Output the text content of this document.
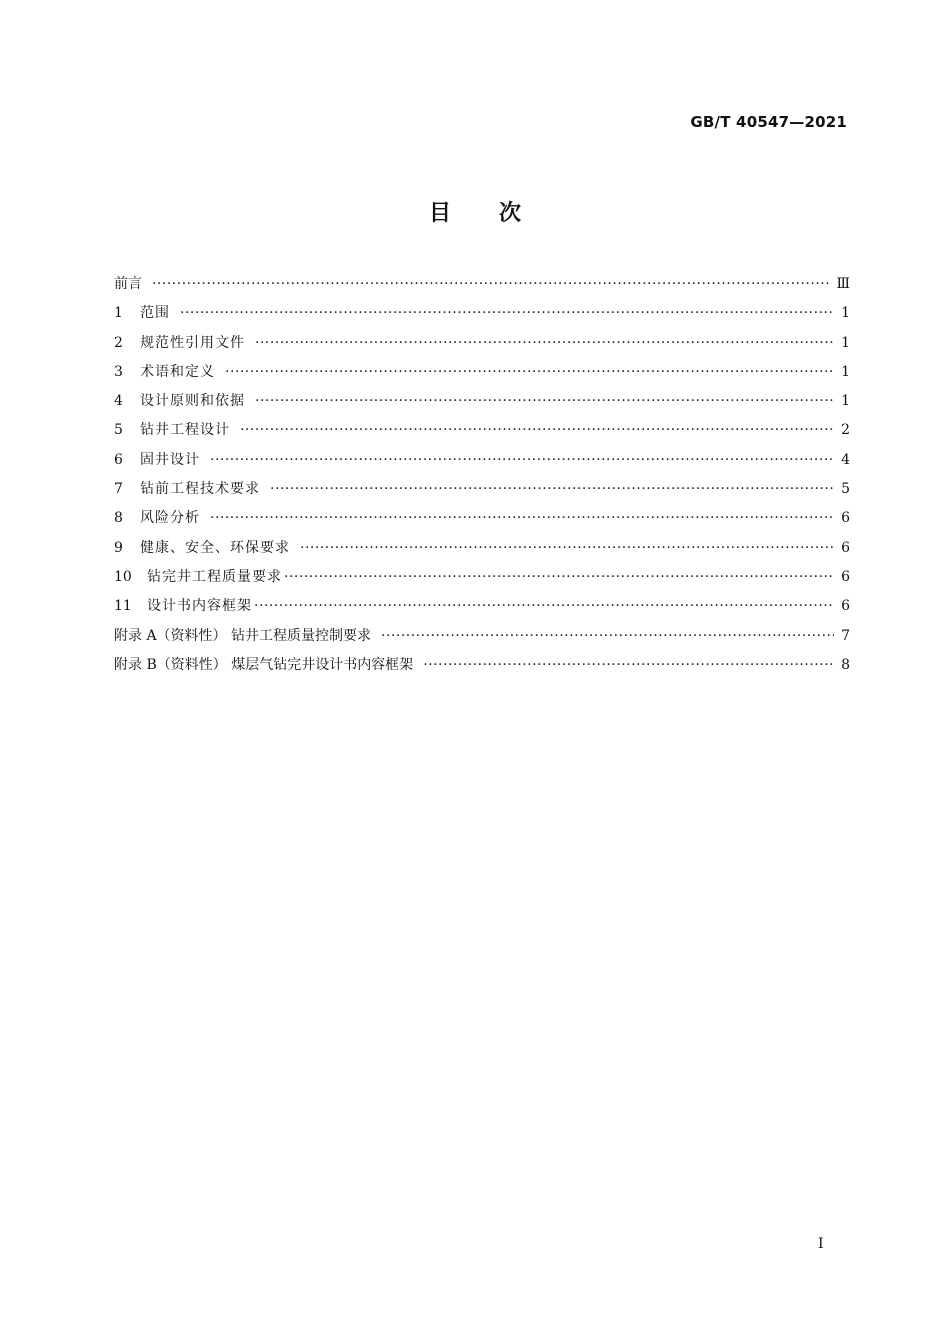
GB/T 40547—2021
目次
前言 ·····	Ⅲ
1	范围 ·····	1
2	规范性引用文件 ·····	1
3	术语和定义 ·····	1
4	设计原则和依据 ·····	1
5	钻井工程设计 ·····	2
6	固井设计 ·····	4
7	钻前工程技术要求 ·····	5
8	风险分析 ·····	6
9	健康、安全、环保要求 ·····	6
10	钻完井工程质量要求 ·····	6
11	设计书内容框架 ·····	6
附录 A（资料性） 钻井工程质量控制要求 ·····	7
附录 B（资料性） 煤层气钻完井设计书内容框架 ·····	8
I
